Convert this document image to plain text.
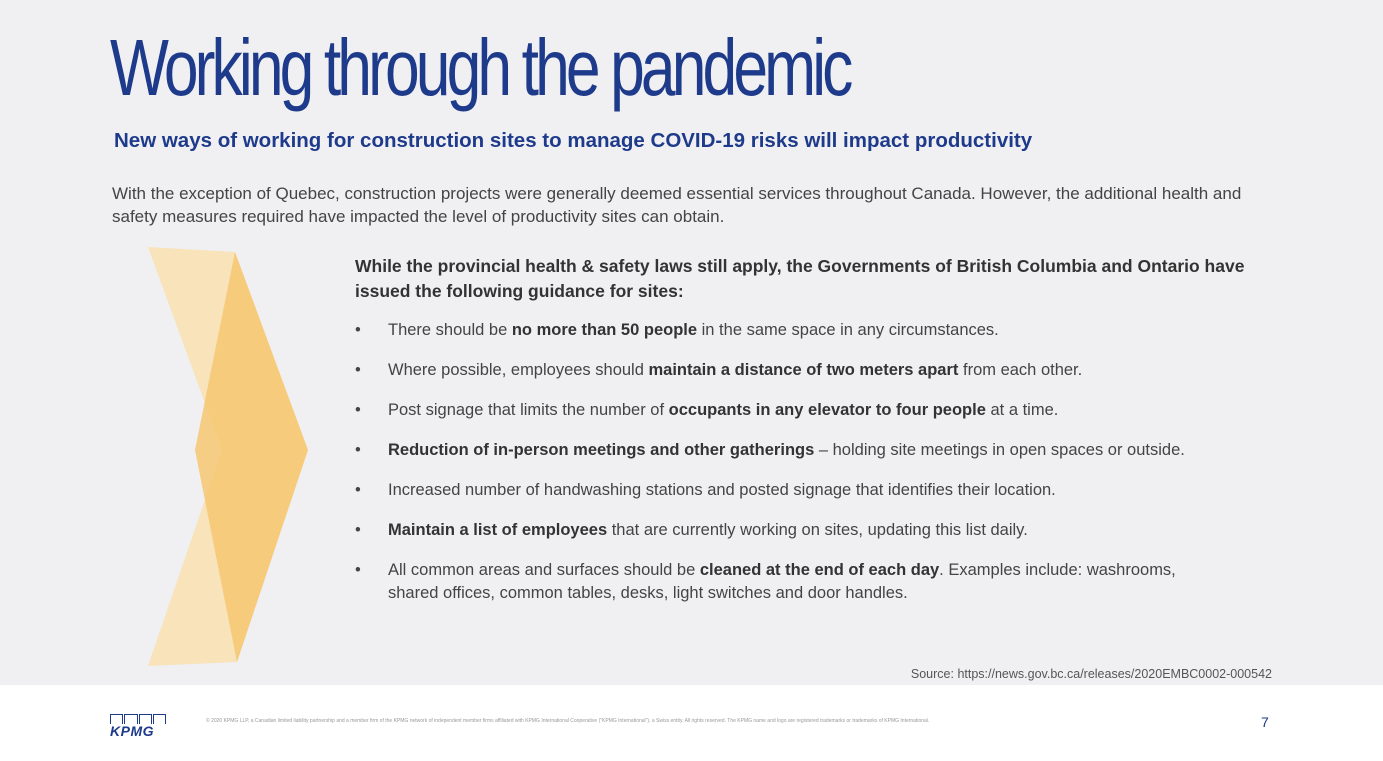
Working through the pandemic
New ways of working for construction sites to manage COVID-19 risks will impact productivity
With the exception of Quebec, construction projects were generally deemed essential services throughout Canada. However, the additional health and safety measures required have impacted the level of productivity sites can obtain.
While the provincial health & safety laws still apply, the Governments of British Columbia and Ontario have issued the following guidance for sites:
• There should be no more than 50 people in the same space in any circumstances.
• Where possible, employees should maintain a distance of two meters apart from each other.
• Post signage that limits the number of occupants in any elevator to four people at a time.
• Reduction of in-person meetings and other gatherings – holding site meetings in open spaces or outside.
• Increased number of handwashing stations and posted signage that identifies their location.
• Maintain a list of employees that are currently working on sites, updating this list daily.
• All common areas and surfaces should be cleaned at the end of each day. Examples include: washrooms, shared offices, common tables, desks, light switches and door handles.
Source: https://news.gov.bc.ca/releases/2020EMBC0002-000542
KPMG
© 2020 KPMG LLP, a Canadian limited liability partnership and a member firm of the KPMG network of independent member firms affiliated with KPMG International Cooperative ("KPMG International"), a Swiss entity. All rights reserved. The KPMG name and logo are registered trademarks or trademarks of KPMG International.	7
